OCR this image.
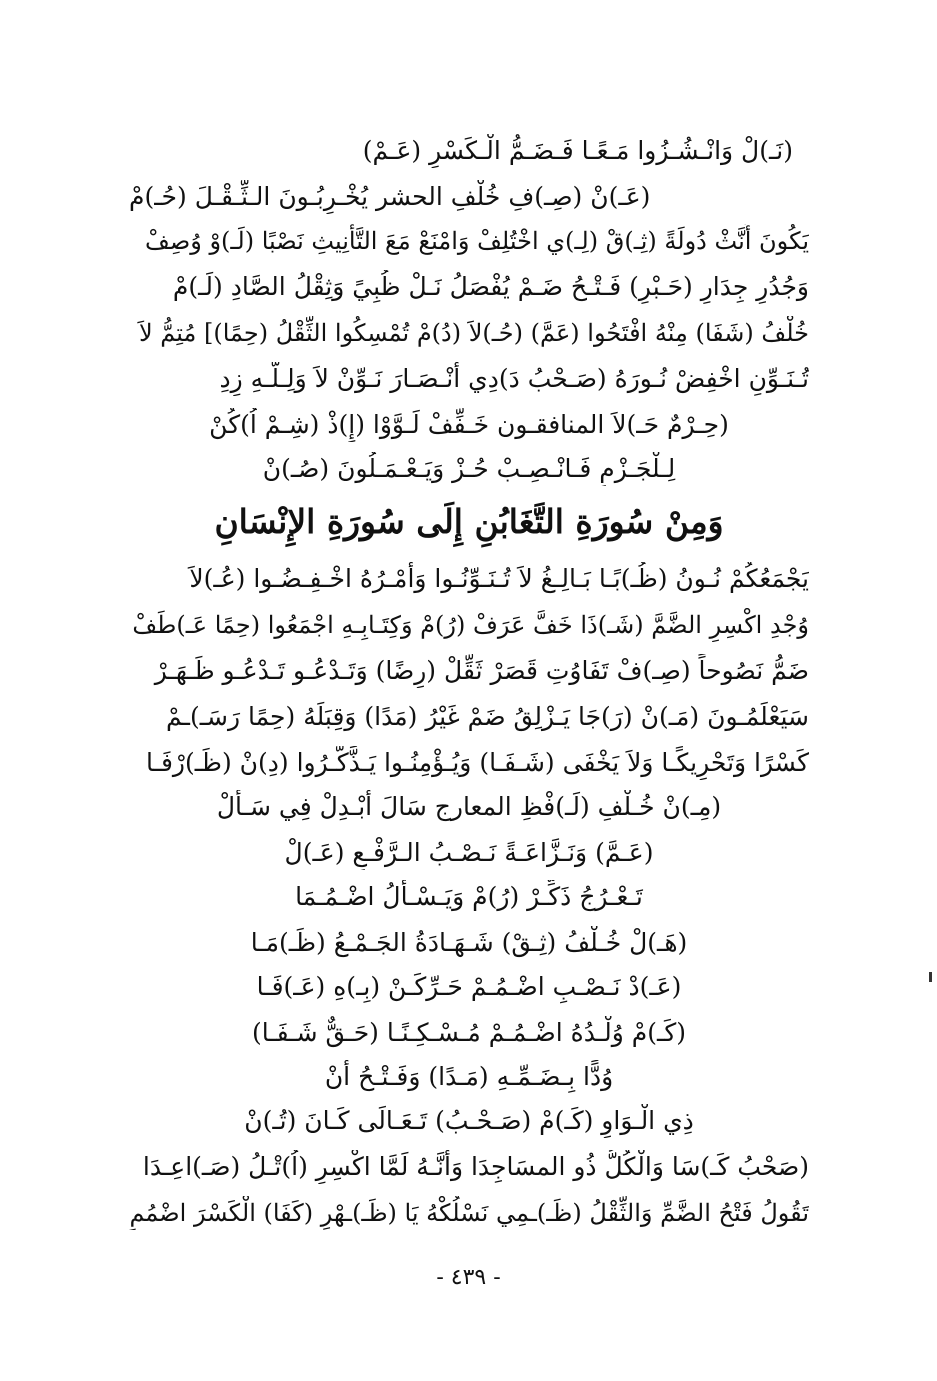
(نَـ)لْ وَانْـشُـزُوا مَـعًـا فَـضَـمُّ الْـكَسْرِ (عَـمْ)
(عَـ)نْ (صِـ)فِ خُلْفِ الحشر يُخْـرِبُـونَ الـثِّـقْـلَ (حُـ)مْ
يَكُونَ أَنَّثْ دُولَةً (ثِـ)قْ (لِـ)ي اخْتُلِفْ وَامْنَعْ مَعَ التَّأْنِيثِ نَصْبًا (لَـ)وْ وُصِفْ
وَجُدُرٍ جِدَارٍ (حَـبْرٍ) فَـتْـحُ ضَـمْ يُفْصَلُ نَـلْ ظُبِيً وَثِقْلُ الصَّادِ (لَـ)مْ
خُلْفُ (شَفَا) مِنْهُ افْتَحُوا (عَمَّ) (حُـ)لاَ (دُ)مْ تُمْسِكُوا الثِّقْلُ (حِمًا)] مُتِمُّ لاَ
تُـنَـوِّنِ اخْفِضْ نُـورَهُ (صَـحْبُ دَ)دِي أَنْـصَـارَ نَـوِّنْ لاَ وَلِـلَّـهِ زِدِ
(حِـرْمٌ حَـ)لاَ المنافقـون خَـفِّفْ لَـوَّوْا (إِ)ذْ (شِـمْ اُ)كُنْ
لِـلْجَـزْمِ فَـانْـصِـبْ حُـزْ وَيَـعْـمَـلُونَ (صُـ)نْ
وَمِنْ سُورَةِ التَّغَابُنِ إِلَى سُورَةِ الإِنْسَانِ
يَجْمَعُكُمْ نُـونُ (ظُـ)بًـا بَـالِـغُ لاَ تُـنَـوِّنُـوا وَأَمْـرُهُ اخْـفِـضُـوا (عُـ)لاَ
وُجْدِ اكْسِرِ الضَّمَّ (شَـ)ذَا خَفَّ عَرَفْ (رُ)مْ وَكِتَـابِـهِ اجْمَعُوا (حِمًا عَـ)طَفْ
ضَمُّ نَصُوحاً (صِـ)فْ تَفَاوُتِ قَصَرْ ثَقِّلْ (رِضًا) وَتَـدْعُـو تَـدْعُـو ظَـهَـرْ
سَيَعْلَمُـونَ (مَـ)نْ (رَ)جَا يَـزْلِقُ ضَمْ غَيْرُ (مَدًا) وَقِبَلَهُ (حِمًا رَسَـ)ـمْ
كَسْرًا وَتَحْرِيكًـا وَلاَ يَخْفَى (شَـفَـا) وَيُـؤْمِنُـوا يَـذَّكَّـرُوا (دِ)نْ (ظَـ)رْفَـا
(مِـ)نْ خُـلْفِ (لَـ)فْظِ المعارج سَالَ أَبْـدِلْ فِي سَـأَلْ
(عَـمَّ) وَنَـزَّاعَـةً نَـصْـبُ الـرَّفْـعِ (عَـ)لْ
تَـعْـرُجُ ذَكِّـرْ (رُ)مْ وَيَـسْـأَلُ اضْـمُـمَا
(هَـ)لْ خُـلْفُ (ثِـقْ) شَـهَـادَةُ الجَـمْـعُ (ظَـ)مَـا
(عَـ)دْ نَـصْـبِ اضْـمُـمْ حَـرِّكَـنْ (بِـ)هِ (عَـ)فَـا
(كَـ)مْ وُلْـدُهُ اضْـمُـمْ مُـسْـكِـنًـا (حَـقٌّ شَـفَـا)
وُدًّا بِـضَـمِّـهِ (مَـدًا) وَفَـتْـحُ أَنْ
ذِي الْـوَاوِ (كَـ)مْ (صَـحْـبُ) تَـعَـالَى كَـانَ (تُـ)نْ
(صَحْبُ كَـ)سَا وَالْكُلُّ ذُو المسَاجِدَا وَأَنَّـهُ لَمَّا اكْسِرِ (اُ)تْـلُ (صَـ)اعِـدَا
تَقُولُ فَتْحُ الضَّمِّ وَالثِّقْلُ (ظَـ)ـمِي نَسْلُكْهُ يَا (ظَـ)ـهْرٍ (كَفَا) الْكَسْرَ اضْمُمِ
- ٤٣٩ -
